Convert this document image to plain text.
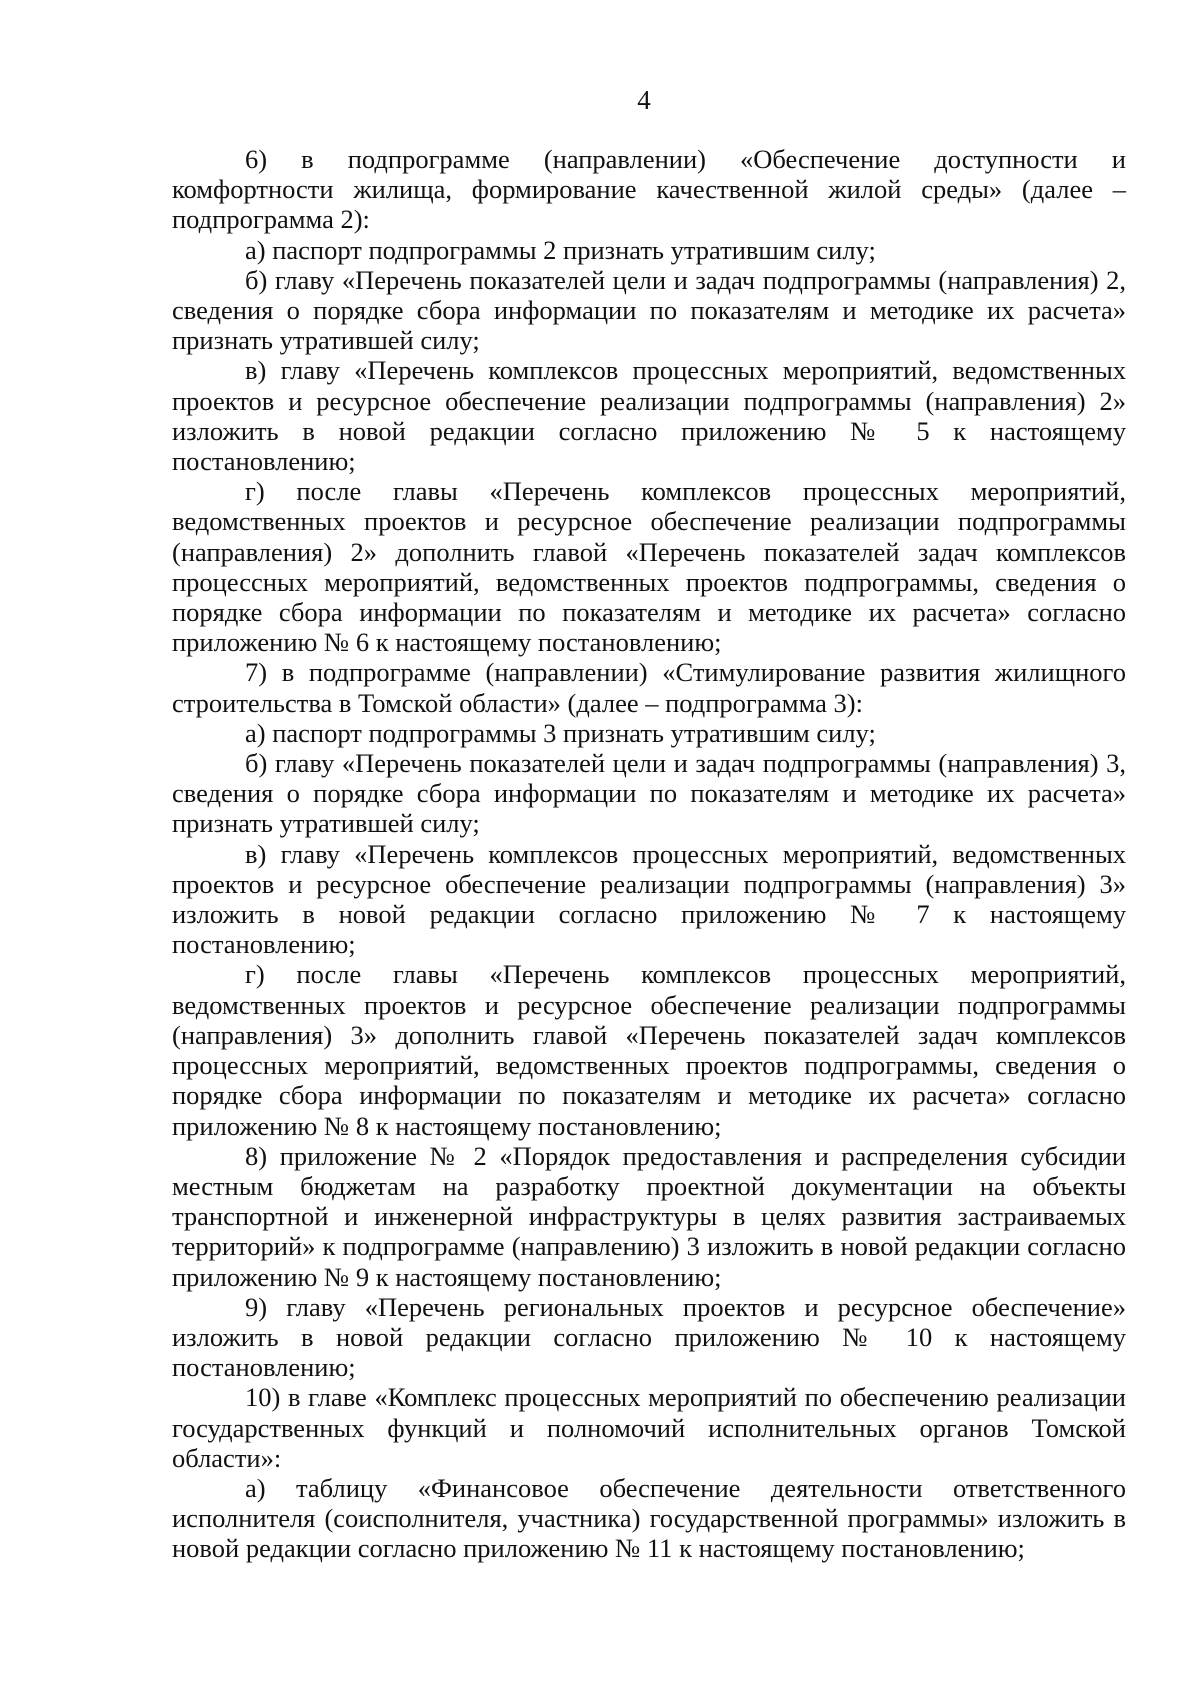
4

6) в подпрограмме (направлении) «Обеспечение доступности и комфортности жилища, формирование качественной жилой среды» (далее – подпрограмма 2):

а) паспорт подпрограммы 2 признать утратившим силу;

б) главу «Перечень показателей цели и задач подпрограммы (направления) 2, сведения о порядке сбора информации по показателям и методике их расчета» признать утратившей силу;

в) главу «Перечень комплексов процессных мероприятий, ведомственных проектов и ресурсное обеспечение реализации подпрограммы (направления) 2» изложить в новой редакции согласно приложению № 5 к настоящему постановлению;

г) после главы «Перечень комплексов процессных мероприятий, ведомственных проектов и ресурсное обеспечение реализации подпрограммы (направления) 2» дополнить главой «Перечень показателей задач комплексов процессных мероприятий, ведомственных проектов подпрограммы, сведения о порядке сбора информации по показателям и методике их расчета» согласно приложению № 6 к настоящему постановлению;

7) в подпрограмме (направлении) «Стимулирование развития жилищного строительства в Томской области» (далее – подпрограмма 3):

а) паспорт подпрограммы 3 признать утратившим силу;

б) главу «Перечень показателей цели и задач подпрограммы (направления) 3, сведения о порядке сбора информации по показателям и методике их расчета» признать утратившей силу;

в) главу «Перечень комплексов процессных мероприятий, ведомственных проектов и ресурсное обеспечение реализации подпрограммы (направления) 3» изложить в новой редакции согласно приложению № 7 к настоящему постановлению;

г) после главы «Перечень комплексов процессных мероприятий, ведомственных проектов и ресурсное обеспечение реализации подпрограммы (направления) 3» дополнить главой «Перечень показателей задач комплексов процессных мероприятий, ведомственных проектов подпрограммы, сведения о порядке сбора информации по показателям и методике их расчета» согласно приложению № 8 к настоящему постановлению;

8) приложение № 2 «Порядок предоставления и распределения субсидии местным бюджетам на разработку проектной документации на объекты транспортной и инженерной инфраструктуры в целях развития застраиваемых территорий» к подпрограмме (направлению) 3 изложить в новой редакции согласно приложению № 9 к настоящему постановлению;

9) главу «Перечень региональных проектов и ресурсное обеспечение» изложить в новой редакции согласно приложению № 10 к настоящему постановлению;

10) в главе «Комплекс процессных мероприятий по обеспечению реализации государственных функций и полномочий исполнительных органов Томской области»:

а) таблицу «Финансовое обеспечение деятельности ответственного исполнителя (соисполнителя, участника) государственной программы» изложить в новой редакции согласно приложению № 11 к настоящему постановлению;
